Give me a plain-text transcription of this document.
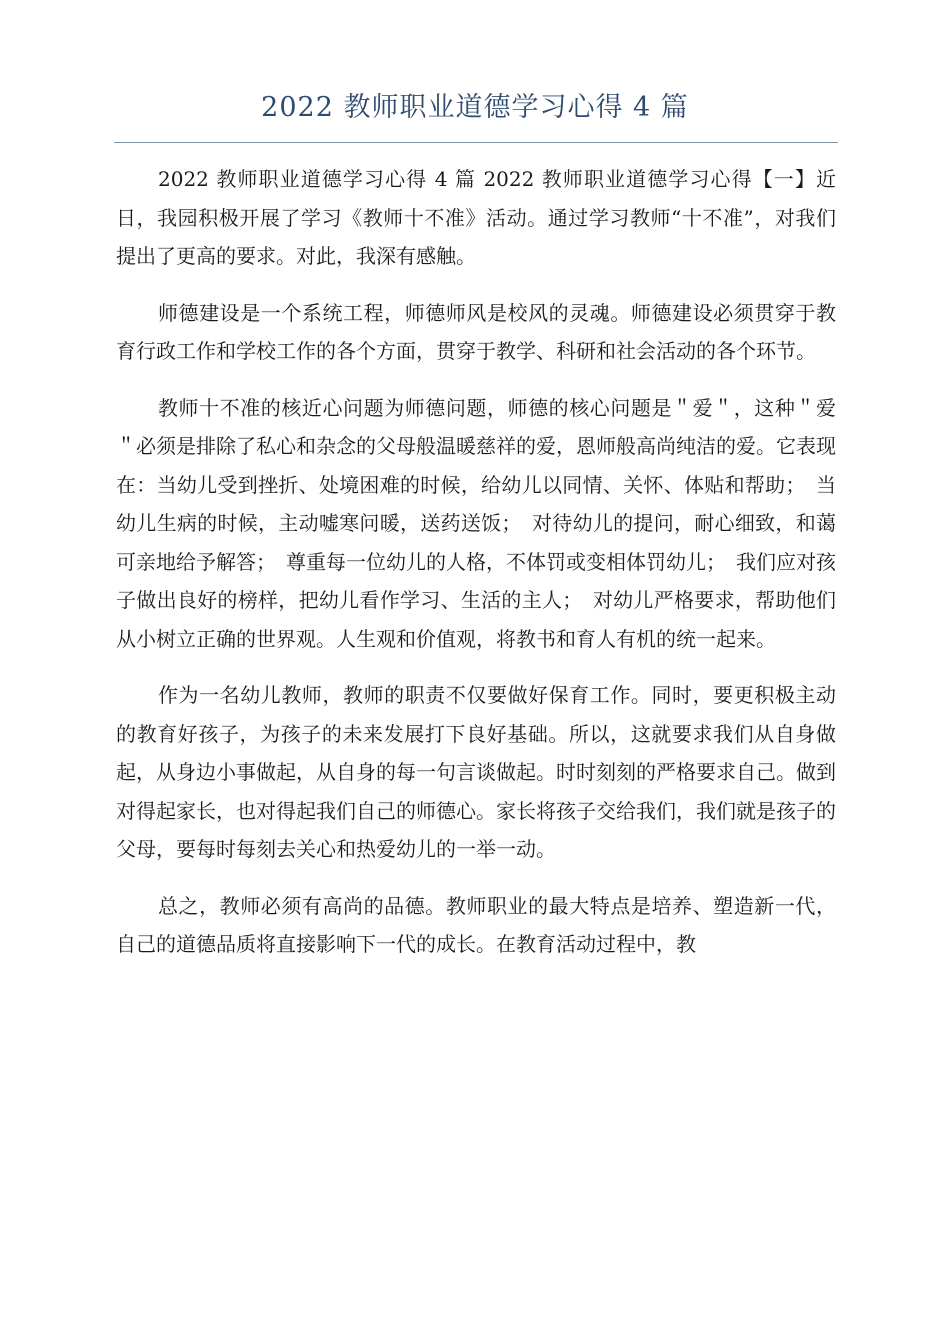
2022 教师职业道德学习心得 4 篇

2022 教师职业道德学习心得 4 篇 2022 教师职业道德学习心得【一】近日，我园积极开展了学习《教师十不准》活动。通过学习教师“十不准”，对我们提出了更高的要求。对此，我深有感触。

师德建设是一个系统工程，师德师风是校风的灵魂。师德建设必须贯穿于教育行政工作和学校工作的各个方面，贯穿于教学、科研和社会活动的各个环节。

教师十不准的核近心问题为师德问题，师德的核心问题是＂爱＂，这种＂爱＂必须是排除了私心和杂念的父母般温暖慈祥的爱，恩师般高尚纯洁的爱。它表现在：当幼儿受到挫折、处境困难的时候，给幼儿以同情、关怀、体贴和帮助；　当幼儿生病的时候，主动嘘寒问暖，送药送饭；　对待幼儿的提问，耐心细致，和蔼可亲地给予解答；　尊重每一位幼儿的人格，不体罚或变相体罚幼儿；　我们应对孩子做出良好的榜样，把幼儿看作学习、生活的主人；　对幼儿严格要求，帮助他们从小树立正确的世界观。人生观和价值观，将教书和育人有机的统一起来。

作为一名幼儿教师，教师的职责不仅要做好保育工作。同时，要更积极主动的教育好孩子，为孩子的未来发展打下良好基础。所以，这就要求我们从自身做起，从身边小事做起，从自身的每一句言谈做起。时时刻刻的严格要求自己。做到对得起家长，也对得起我们自己的师德心。家长将孩子交给我们，我们就是孩子的父母，要每时每刻去关心和热爱幼儿的一举一动。

总之，教师必须有高尚的品德。教师职业的最大特点是培养、塑造新一代，自己的道德品质将直接影响下一代的成长。在教育活动过程中，教
